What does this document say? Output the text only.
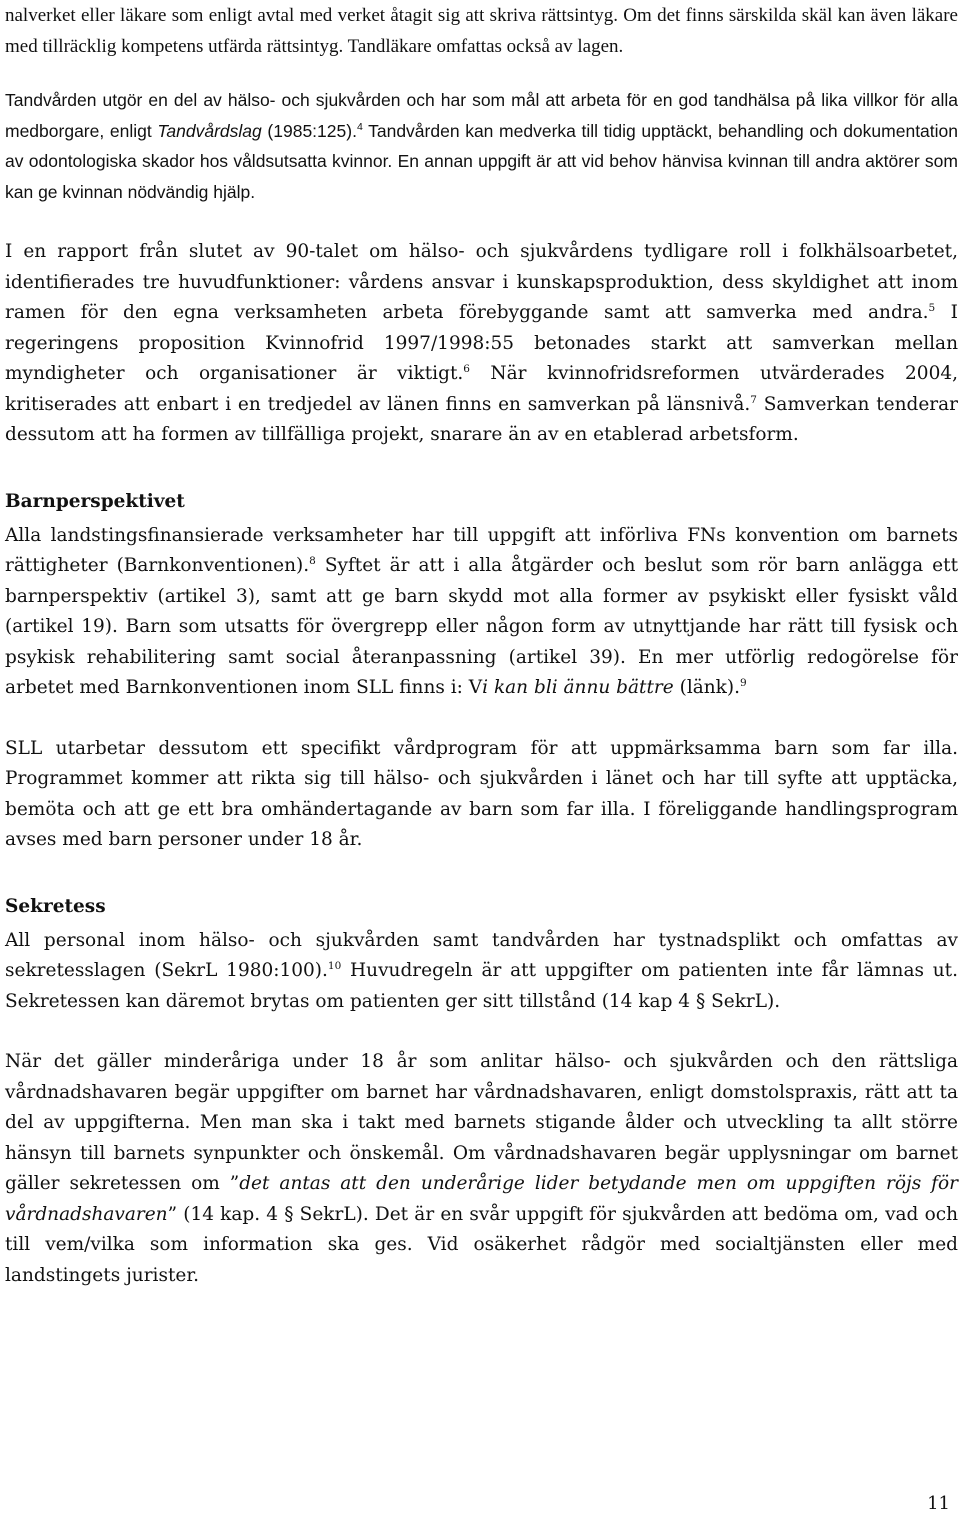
nalverket eller läkare som enligt avtal med verket åtagit sig att skriva rättsintyg. Om det finns särskilda skäl kan även läkare med tillräcklig kompetens utfärda rättsintyg. Tandläkare omfattas också av lagen.

Tandvården utgör en del av hälso- och sjukvården och har som mål att arbeta för en god tandhälsa på lika villkor för alla medborgare, enligt Tandvårdslag (1985:125).$^4$ Tandvården kan medverka till tidig upptäckt, behandling och dokumentation av odontologiska skador hos våldsutsatta kvinnor. En annan uppgift är att vid behov hänvisa kvinnan till andra aktörer som kan ge kvinnan nödvändig hjälp.

I en rapport från slutet av 90-talet om hälso- och sjukvårdens tydligare roll i folkhälsoarbetet, identifierades tre huvudfunktioner: vårdens ansvar i kunskapsproduktion, dess skyldighet att inom ramen för den egna verksamheten arbeta förebyggande samt att samverka med andra.$^5$ I regeringens proposition Kvinnofrid 1997/1998:55 betonades starkt att samverkan mellan myndigheter och organisationer är viktigt.$^6$ När kvinnofridsreformen utvärderades 2004, kritiserades att enbart i en tredjedel av länen finns en samverkan på länsnivå.$^7$ Samverkan tenderar dessutom att ha formen av tillfälliga projekt, snarare än av en etablerad arbetsform.

Barnperspektivet

Alla landstingsfinansierade verksamheter har till uppgift att införliva FNs konvention om barnets rättigheter (Barnkonventionen).$^8$ Syftet är att i alla åtgärder och beslut som rör barn anlägga ett barnperspektiv (artikel 3), samt att ge barn skydd mot alla former av psykiskt eller fysiskt våld (artikel 19). Barn som utsatts för övergrepp eller någon form av utnyttjande har rätt till fysisk och psykisk rehabilitering samt social återanpassning (artikel 39). En mer utförlig redogörelse för arbetet med Barnkonventionen inom SLL finns i: Vi kan bli ännu bättre (länk).$^9$

SLL utarbetar dessutom ett specifikt vårdprogram för att uppmärksamma barn som far illa. Programmet kommer att rikta sig till hälso- och sjukvården i länet och har till syfte att upptäcka, bemöta och att ge ett bra omhändertagande av barn som far illa. I föreliggande handlingsprogram avses med barn personer under 18 år.

Sekretess

All personal inom hälso- och sjukvården samt tandvården har tystnadsplikt och omfattas av sekretesslagen (SekrL 1980:100).$^{10}$ Huvudregeln är att uppgifter om patienten inte får lämnas ut. Sekretessen kan däremot brytas om patienten ger sitt tillstånd (14 kap 4 § SekrL).

När det gäller minderåriga under 18 år som anlitar hälso- och sjukvården och den rättsliga vårdnadshavaren begär uppgifter om barnet har vårdnadshavaren, enligt domstolspraxis, rätt att ta del av uppgifterna. Men man ska i takt med barnets stigande ålder och utveckling ta allt större hänsyn till barnets synpunkter och önskemål. Om vårdnadshavaren begär upplysningar om barnet gäller sekretessen om ”det antas att den underårige lider betydande men om uppgiften röjs för vårdnadshavaren” (14 kap. 4 § SekrL). Det är en svår uppgift för sjukvården att bedöma om, vad och till vem/vilka som information ska ges. Vid osäkerhet rådgör med socialtjänsten eller med landstingets jurister.

11
